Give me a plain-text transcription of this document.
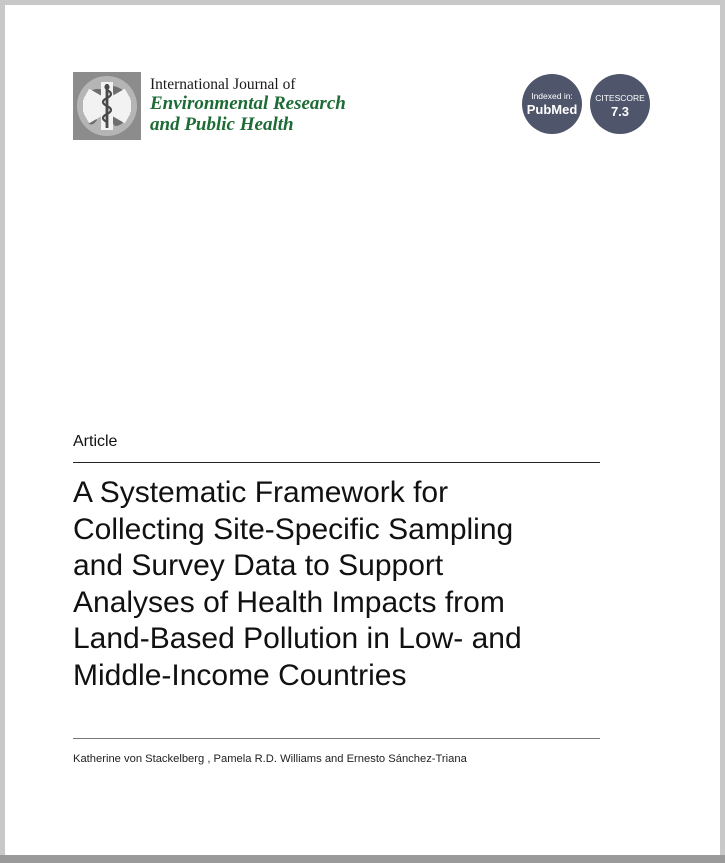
International Journal of
Environmental Research
and Public Health
Indexed in:
PubMed
CITESCORE
7.3
Article
A Systematic Framework for
Collecting Site-Specific Sampling
and Survey Data to Support
Analyses of Health Impacts from
Land-Based Pollution in Low- and
Middle-Income Countries
Katherine von Stackelberg , Pamela R.D. Williams and Ernesto Sánchez-Triana
